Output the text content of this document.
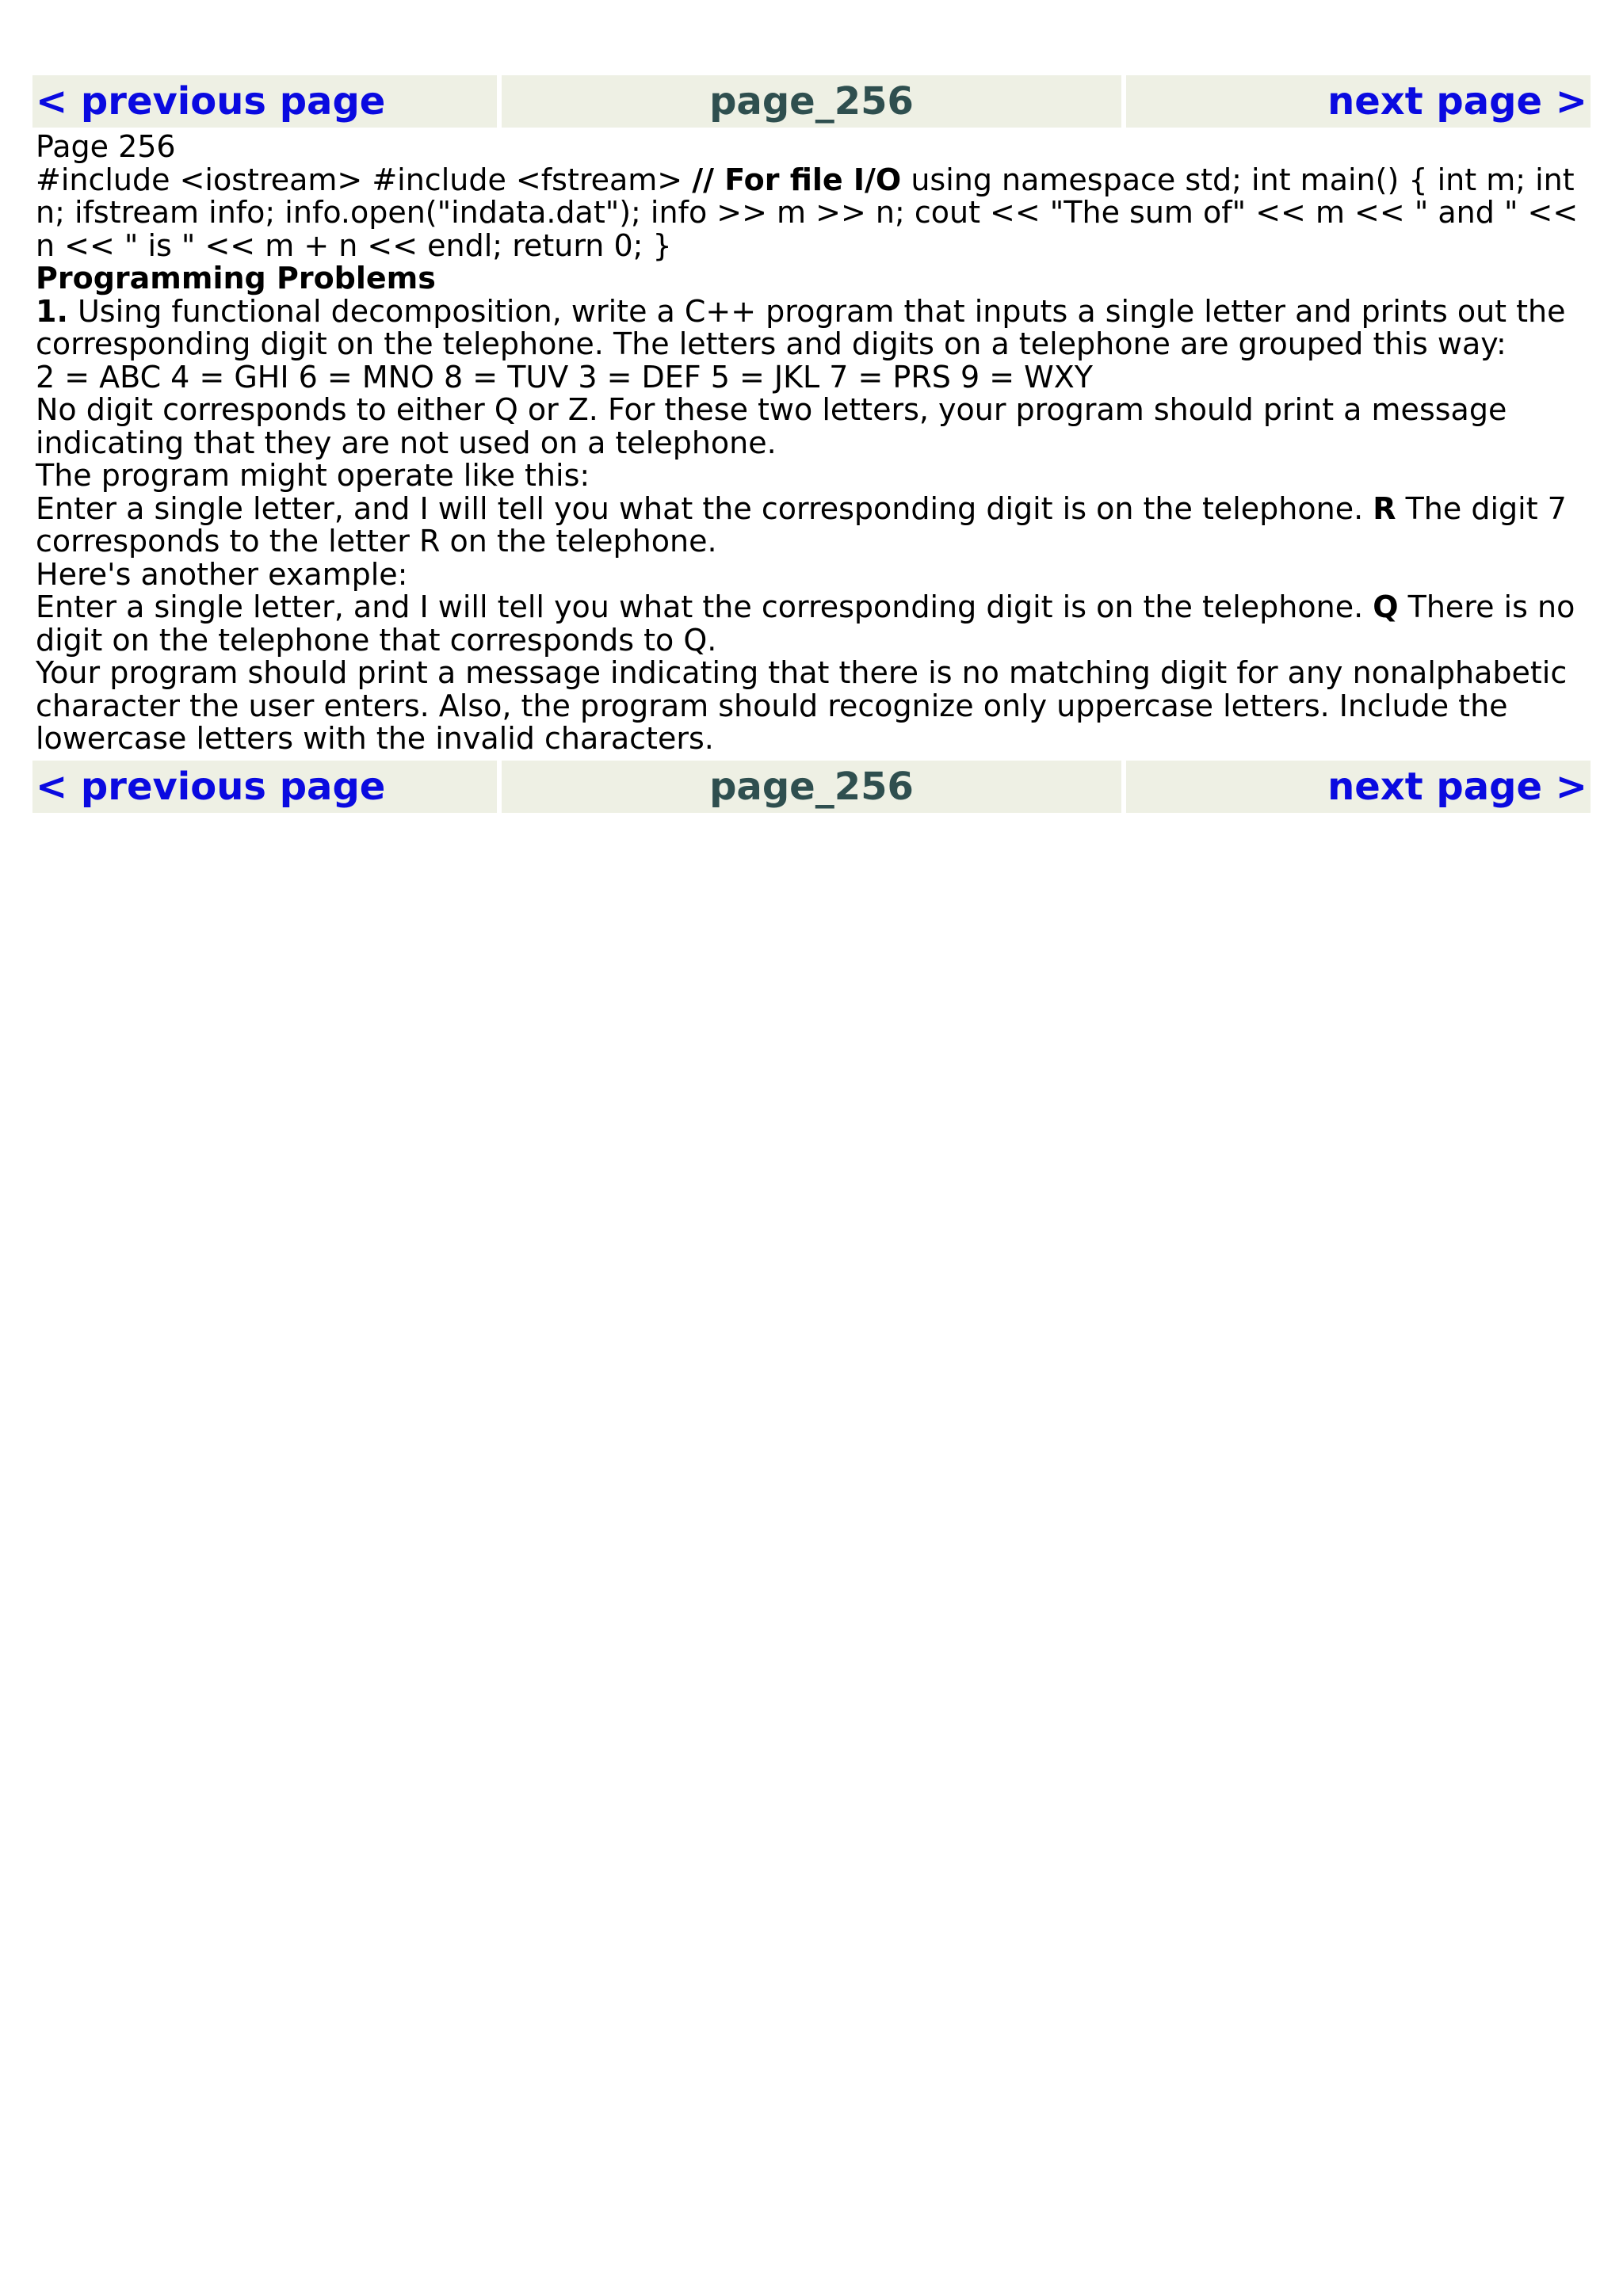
< previous page	page_256	next page >

Page 256

#include <iostream> #include <fstream> // For file I/O using namespace std; int main() { int m; int n; ifstream info; info.open("indata.dat"); info >> m >> n; cout << "The sum of" << m << " and " << n << " is " << m + n << endl; return 0; }

Programming Problems

1. Using functional decomposition, write a C++ program that inputs a single letter and prints out the corresponding digit on the telephone. The letters and digits on a telephone are grouped this way:

2 = ABC 4 = GHI 6 = MNO 8 = TUV 3 = DEF 5 = JKL 7 = PRS 9 = WXY

No digit corresponds to either Q or Z. For these two letters, your program should print a message indicating that they are not used on a telephone.

The program might operate like this:

Enter a single letter, and I will tell you what the corresponding digit is on the telephone. R The digit 7 corresponds to the letter R on the telephone.

Here's another example:

Enter a single letter, and I will tell you what the corresponding digit is on the telephone. Q There is no digit on the telephone that corresponds to Q.

Your program should print a message indicating that there is no matching digit for any nonalphabetic character the user enters. Also, the program should recognize only uppercase letters. Include the lowercase letters with the invalid characters.

< previous page	page_256	next page >
